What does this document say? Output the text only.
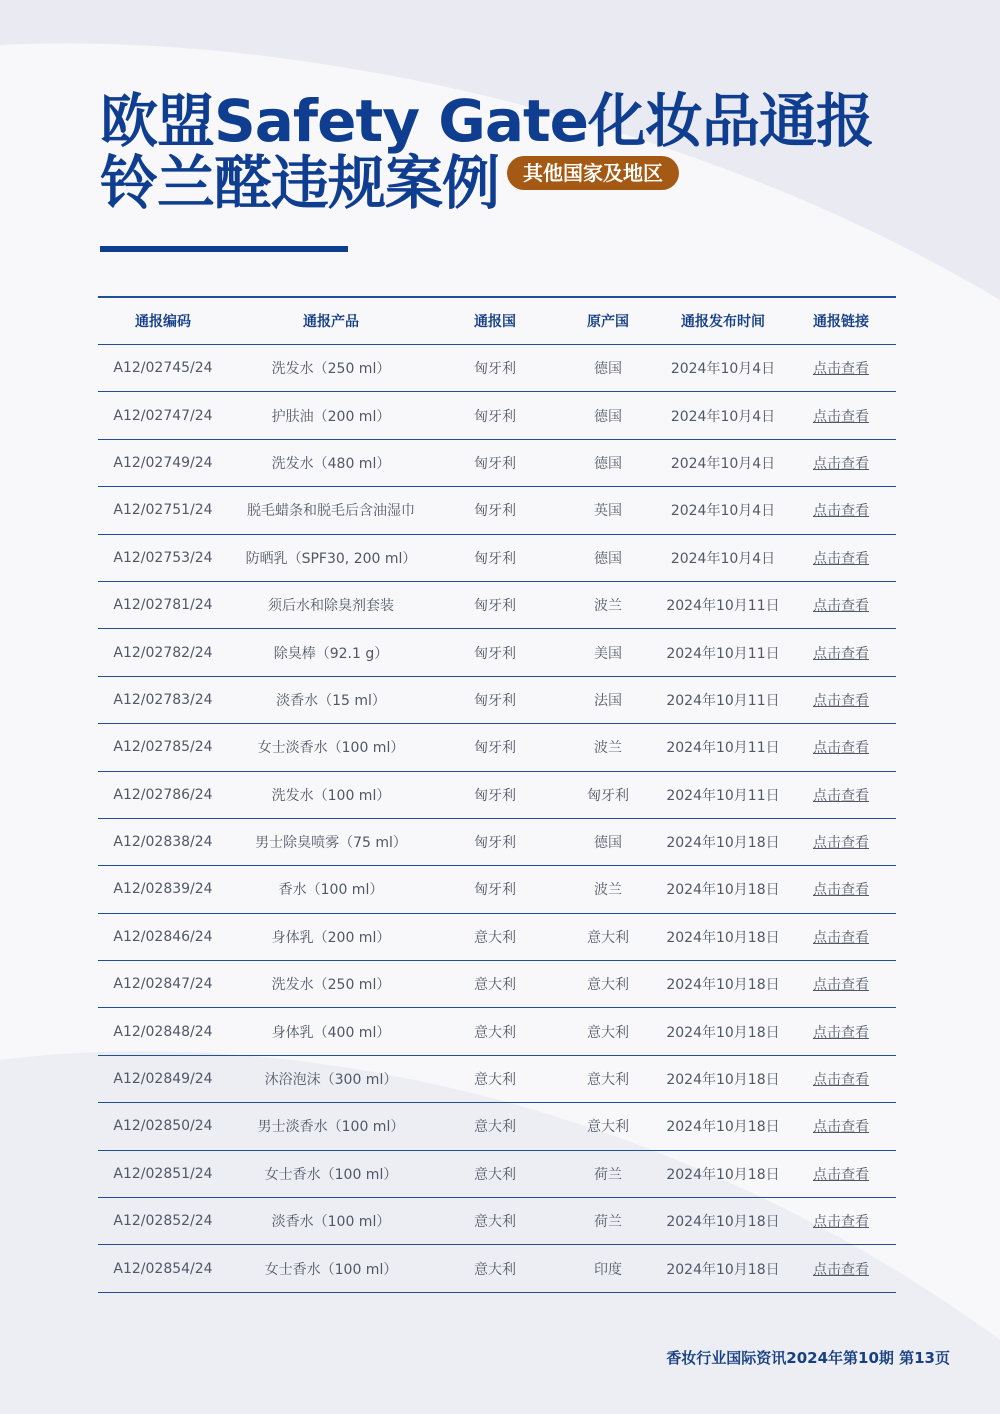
欧盟Safety Gate化妆品通报
铃兰醛违规案例 其他国家及地区
通报编码	通报产品	通报国	原产国	通报发布时间	通报链接
A12/02745/24	洗发水（250 ml）	匈牙利	德国	2024年10月4日	点击查看
A12/02747/24	护肤油（200 ml）	匈牙利	德国	2024年10月4日	点击查看
A12/02749/24	洗发水（480 ml）	匈牙利	德国	2024年10月4日	点击查看
A12/02751/24	脱毛蜡条和脱毛后含油湿巾	匈牙利	英国	2024年10月4日	点击查看
A12/02753/24	防晒乳（SPF30, 200 ml）	匈牙利	德国	2024年10月4日	点击查看
A12/02781/24	须后水和除臭剂套装	匈牙利	波兰	2024年10月11日	点击查看
A12/02782/24	除臭棒（92.1 g）	匈牙利	美国	2024年10月11日	点击查看
A12/02783/24	淡香水（15 ml）	匈牙利	法国	2024年10月11日	点击查看
A12/02785/24	女士淡香水（100 ml）	匈牙利	波兰	2024年10月11日	点击查看
A12/02786/24	洗发水（100 ml）	匈牙利	匈牙利	2024年10月11日	点击查看
A12/02838/24	男士除臭喷雾（75 ml）	匈牙利	德国	2024年10月18日	点击查看
A12/02839/24	香水（100 ml）	匈牙利	波兰	2024年10月18日	点击查看
A12/02846/24	身体乳（200 ml）	意大利	意大利	2024年10月18日	点击查看
A12/02847/24	洗发水（250 ml）	意大利	意大利	2024年10月18日	点击查看
A12/02848/24	身体乳（400 ml）	意大利	意大利	2024年10月18日	点击查看
A12/02849/24	沐浴泡沫（300 ml）	意大利	意大利	2024年10月18日	点击查看
A12/02850/24	男士淡香水（100 ml）	意大利	意大利	2024年10月18日	点击查看
A12/02851/24	女士香水（100 ml）	意大利	荷兰	2024年10月18日	点击查看
A12/02852/24	淡香水（100 ml）	意大利	荷兰	2024年10月18日	点击查看
A12/02854/24	女士香水（100 ml）	意大利	印度	2024年10月18日	点击查看
香妆行业国际资讯2024年第10期 第13页
